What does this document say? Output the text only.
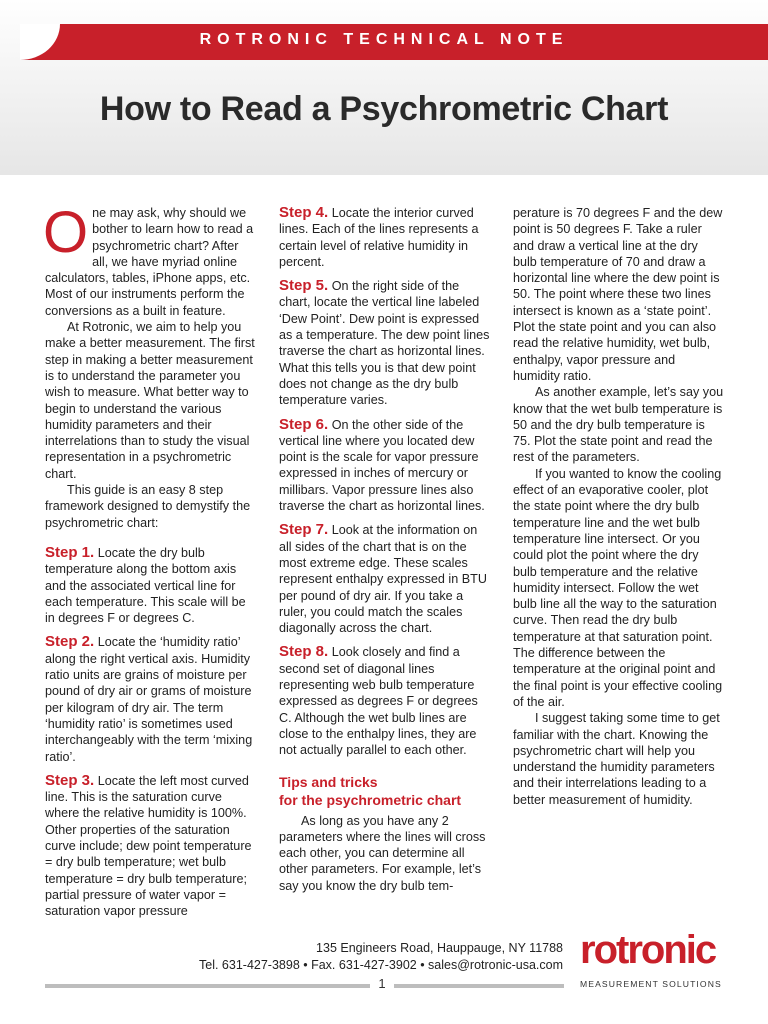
ROTRONIC TECHNICAL NOTE
How to Read a Psychrometric Chart

One may ask, why should we bother to learn how to read a psychrometric chart? After all, we have myriad online calculators, tables, iPhone apps, etc. Most of our instruments perform the conversions as a built in feature.

At Rotronic, we aim to help you make a better measurement. The first step in making a better measurement is to understand the parameter you wish to measure. What better way to begin to understand the various humidity parameters and their interrelations than to study the visual representation in a psychrometric chart.

This guide is an easy 8 step framework designed to demystify the psychrometric chart:

Step 1. Locate the dry bulb temperature along the bottom axis and the associated vertical line for each temperature. This scale will be in degrees F or degrees C.

Step 2. Locate the ‘humidity ratio’ along the right vertical axis. Humidity ratio units are grains of moisture per pound of dry air or grams of moisture per kilogram of dry air. The term ‘humidity ratio’ is sometimes used interchangeably with the term ‘mixing ratio’.

Step 3. Locate the left most curved line. This is the saturation curve where the relative humidity is 100%. Other properties of the saturation curve include; dew point temperature = dry bulb temperature; wet bulb temperature = dry bulb temperature; partial pressure of water vapor = saturation vapor pressure

Step 4. Locate the interior curved lines. Each of the lines represents a certain level of relative humidity in percent.

Step 5. On the right side of the chart, locate the vertical line labeled ‘Dew Point’. Dew point is expressed as a temperature. The dew point lines traverse the chart as horizontal lines. What this tells you is that dew point does not change as the dry bulb temperature varies.

Step 6. On the other side of the vertical line where you located dew point is the scale for vapor pressure expressed in inches of mercury or millibars. Vapor pressure lines also traverse the chart as horizontal lines.

Step 7. Look at the information on all sides of the chart that is on the most extreme edge. These scales represent enthalpy expressed in BTU per pound of dry air. If you take a ruler, you could match the scales diagonally across the chart.

Step 8. Look closely and find a second set of diagonal lines representing web bulb temperature expressed as degrees F or degrees C. Although the wet bulb lines are close to the enthalpy lines, they are not actually parallel to each other.

Tips and tricks
for the psychrometric chart

As long as you have any 2 parameters where the lines will cross each other, you can determine all other parameters. For example, let’s say you know the dry bulb tem-

perature is 70 degrees F and the dew point is 50 degrees F. Take a ruler and draw a vertical line at the dry bulb temperature of 70 and draw a horizontal line where the dew point is 50. The point where these two lines intersect is known as a ‘state point’. Plot the state point and you can also read the relative humidity, wet bulb, enthalpy, vapor pressure and humidity ratio.

As another example, let’s say you know that the wet bulb temperature is 50 and the dry bulb temperature is 75. Plot the state point and read the rest of the parameters.

If you wanted to know the cooling effect of an evaporative cooler, plot the state point where the dry bulb temperature line and the wet bulb temperature line intersect. Or you could plot the point where the dry bulb temperature and the relative humidity intersect. Follow the wet bulb line all the way to the saturation curve. Then read the dry bulb temperature at that saturation point. The difference between the temperature at the original point and the final point is your effective cooling of the air.

I suggest taking some time to get familiar with the chart. Knowing the psychrometric chart will help you understand the humidity parameters and their interrelations leading to a better measurement of humidity.

135 Engineers Road, Hauppauge, NY 11788
Tel. 631-427-3898 • Fax. 631-427-3902 • sales@rotronic-usa.com
1
rotronic
MEASUREMENT SOLUTIONS
